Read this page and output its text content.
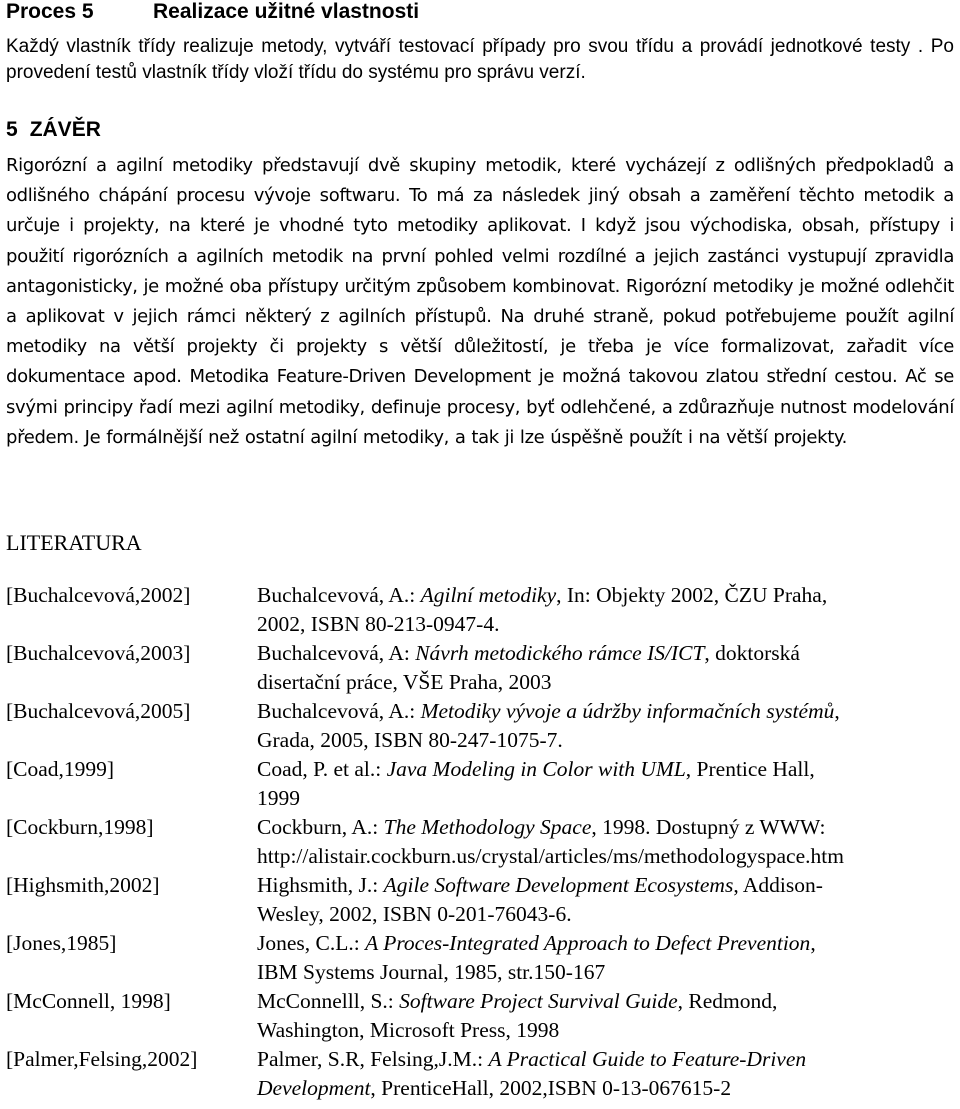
Proces 5	Realizace užitné vlastnosti

Každý vlastník třídy realizuje metody, vytváří testovací případy pro svou třídu a provádí jednotkové testy . Po provedení testů vlastník třídy vloží třídu do systému pro správu verzí.

5 ZÁVĚR

Rigorózní a agilní metodiky představují dvě skupiny metodik, které vycházejí z odlišných předpokladů a odlišného chápání procesu vývoje softwaru. To má za následek jiný obsah a zaměření těchto metodik a určuje i projekty, na které je vhodné tyto metodiky aplikovat. I když jsou východiska, obsah, přístupy i použití rigorózních a agilních metodik na první pohled velmi rozdílné a jejich zastánci vystupují zpravidla antagonisticky, je možné oba přístupy určitým způsobem kombinovat. Rigorózní metodiky je možné odlehčit a aplikovat v jejich rámci některý z agilních přístupů. Na druhé straně, pokud potřebujeme použít agilní metodiky na větší projekty či projekty s větší důležitostí, je třeba je více formalizovat, zařadit více dokumentace apod. Metodika Feature-Driven Development je možná takovou zlatou střední cestou. Ač se svými principy řadí mezi agilní metodiky, definuje procesy, byť odlehčené, a zdůrazňuje nutnost modelování předem. Je formálnější než ostatní agilní metodiky, a tak ji lze úspěšně použít i na větší projekty.

LITERATURA
[Buchalcevová,2002]	Buchalcevová, A.: Agilní metodiky, In: Objekty 2002, ČZU Praha,
2002, ISBN 80-213-0947-4.
[Buchalcevová,2003]	Buchalcevová, A: Návrh metodického rámce IS/ICT, doktorská
disertační práce, VŠE Praha, 2003
[Buchalcevová,2005]	Buchalcevová, A.: Metodiky vývoje a údržby informačních systémů,
Grada, 2005, ISBN 80-247-1075-7.
[Coad,1999]	Coad, P. et al.: Java Modeling in Color with UML, Prentice Hall,
1999
[Cockburn,1998]	Cockburn, A.: The Methodology Space, 1998. Dostupný z WWW:
http://alistair.cockburn.us/crystal/articles/ms/methodologyspace.htm
[Highsmith,2002]	Highsmith, J.: Agile Software Development Ecosystems, Addison-
Wesley, 2002, ISBN 0-201-76043-6.
[Jones,1985]	Jones, C.L.: A Proces-Integrated Approach to Defect Prevention,
IBM Systems Journal, 1985, str.150-167
[McConnell, 1998]	McConnelll, S.: Software Project Survival Guide, Redmond,
Washington, Microsoft Press, 1998
[Palmer,Felsing,2002]	Palmer, S.R, Felsing,J.M.: A Practical Guide to Feature-Driven
Development, PrenticeHall, 2002,ISBN 0-13-067615-2
